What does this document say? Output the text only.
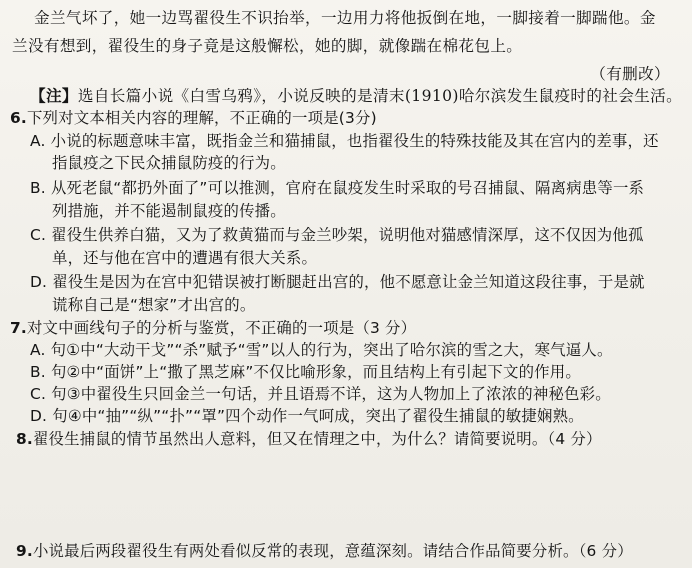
金兰气坏了，她一边骂翟役生不识抬举，一边用力将他扳倒在地，一脚接着一脚踹他。金
兰没有想到，翟役生的身子竟是这般懈松，她的脚，就像踹在棉花包上。
（有删改）
【注】选自长篇小说《白雪乌鸦》，小说反映的是清末(1910)哈尔滨发生鼠疫时的社会生活。
6.下列对文本相关内容的理解，不正确的一项是(3分)
A. 小说的标题意味丰富，既指金兰和猫捕鼠，也指翟役生的特殊技能及其在宫内的差事，还
指鼠疫之下民众捕鼠防疫的行为。
B. 从死老鼠“都扔外面了”可以推测，官府在鼠疫发生时采取的号召捕鼠、隔离病患等一系
列措施，并不能遏制鼠疫的传播。
C. 翟役生供养白猫，又为了救黄猫而与金兰吵架，说明他对猫感情深厚，这不仅因为他孤
单，还与他在宫中的遭遇有很大关系。
D. 翟役生是因为在宫中犯错误被打断腿赶出宫的，他不愿意让金兰知道这段往事，于是就
谎称自己是“想家”才出宫的。
7.对文中画线句子的分析与鉴赏，不正确的一项是（3 分）
A. 句①中“大动干戈”“杀”赋予“雪”以人的行为，突出了哈尔滨的雪之大，寒气逼人。
B. 句②中“面饼”上“撒了黑芝麻”不仅比喻形象，而且结构上有引起下文的作用。
C. 句③中翟役生只回金兰一句话，并且语焉不详，这为人物加上了浓浓的神秘色彩。
D. 句④中“抽”“纵”“扑”“罩”四个动作一气呵成，突出了翟役生捕鼠的敏捷娴熟。
8.翟役生捕鼠的情节虽然出人意料，但又在情理之中，为什么？请简要说明。（4 分）
9.小说最后两段翟役生有两处看似反常的表现，意蕴深刻。请结合作品简要分析。（6 分）
